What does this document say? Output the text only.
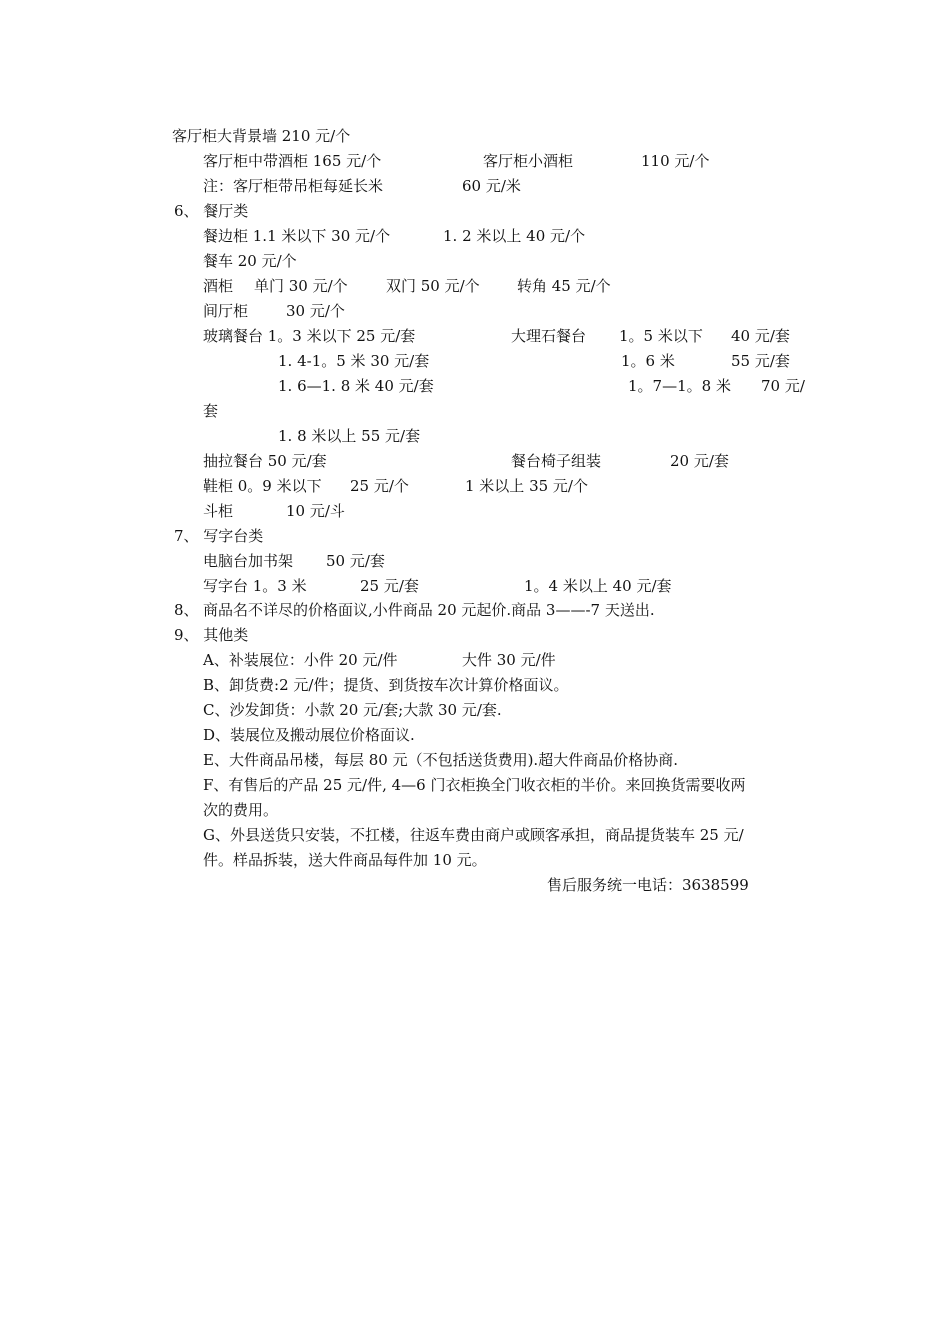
客厅柜大背景墙 210 元/个
客厅柜中带酒柜 165 元/个	客厅柜小酒柜	110 元/个
注：客厅柜带吊柜每延长米	60 元/米
6、 餐厅类
餐边柜 1.1 米以下 30 元/个	1. 2 米以上 40 元/个
餐车 20 元/个
酒柜 单门 30 元/个	双门 50 元/个 转角 45 元/个
间厅柜	30 元/个
玻璃餐台 1。3 米以下 25 元/套	大理石餐台 1。5 米以下 40 元/套
1. 4-1。5 米 30 元/套	1。6 米	55 元/套
1. 6—1. 8 米 40 元/套	1。7—1。8 米 70 元/
套
1. 8 米以上 55 元/套
抽拉餐台 50 元/套	餐台椅子组装	20 元/套
鞋柜 0。9 米以下 25 元/个	1 米以上 35 元/个
斗柜	10 元/斗
7、 写字台类
电脑台加书架 50 元/套
写字台 1。3 米	25 元/套	1。4 米以上 40 元/套
8、 商品名不详尽的价格面议,小件商品 20 元起价.商品 3——-7 天送出.
9、 其他类
A、补装展位：小件 20 元/件	大件 30 元/件
B、卸货费:2 元/件；提货、到货按车次计算价格面议。
C、沙发卸货：小款 20 元/套;大款 30 元/套.
D、装展位及搬动展位价格面议.
E、大件商品吊楼，每层 80 元（不包括送货费用).超大件商品价格协商.
F、有售后的产品 25 元/件, 4—6 门衣柜换全门收衣柜的半价。来回换货需要收两
次的费用。
G、外县送货只安装，不扛楼，往返车费由商户或顾客承担，商品提货装车 25 元/
件。样品拆装，送大件商品每件加 10 元。
售后服务统一电话：3638599
